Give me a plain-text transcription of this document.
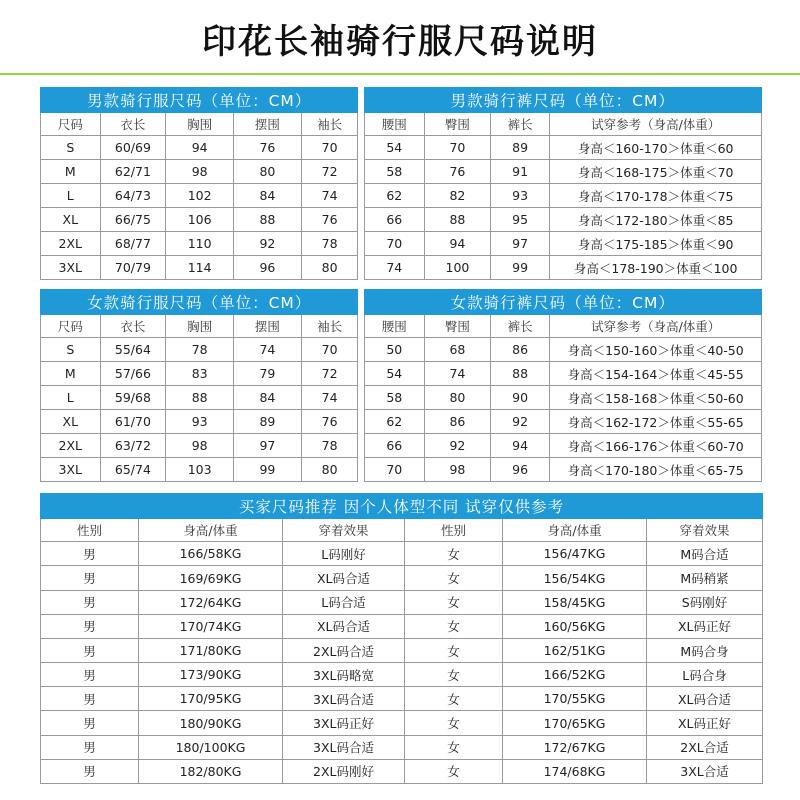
印花长袖骑行服尺码说明
男款骑行服尺码（单位：CM）						男款骑行裤尺码（单位：CM）			
尺码	衣长	胸围	摆围	袖长		腰围	臀围	裤长	试穿参考（身高/体重）
S	60/69	94	76	70		54	70	89	身高＜160-170＞体重＜60
M	62/71	98	80	72		58	76	91	身高＜168-175＞体重＜70
L	64/73	102	84	74		62	82	93	身高＜170-178＞体重＜75
XL	66/75	106	88	76		66	88	95	身高＜172-180＞体重＜85
2XL	68/77	110	92	78		70	94	97	身高＜175-185＞体重＜90
3XL	70/79	114	96	80		74	100	99	身高＜178-190＞体重＜100
女款骑行服尺码（单位：CM）						女款骑行裤尺码（单位：CM）			
尺码	衣长	胸围	摆围	袖长		腰围	臀围	裤长	试穿参考（身高/体重）
S	55/64	78	74	70		50	68	86	身高＜150-160＞体重＜40-50
M	57/66	83	79	72		54	74	88	身高＜154-164＞体重＜45-55
L	59/68	88	84	74		58	80	90	身高＜158-168＞体重＜50-60
XL	61/70	93	89	76		62	86	92	身高＜162-172＞体重＜55-65
2XL	63/72	98	97	78		66	92	94	身高＜166-176＞体重＜60-70
3XL	65/74	103	99	80		70	98	96	身高＜170-180＞体重＜65-75
买家尺码推荐 因个人体型不同 试穿仅供参考					
性别	身高/体重	穿着效果	性别	身高/体重	穿着效果
男	166/58KG	L码刚好	女	156/47KG	M码合适
男	169/69KG	XL码合适	女	156/54KG	M码稍紧
男	172/64KG	L码合适	女	158/45KG	S码刚好
男	170/74KG	XL码合适	女	160/56KG	XL码正好
男	171/80KG	2XL码合适	女	162/51KG	M码合身
男	173/90KG	3XL码略宽	女	166/52KG	L码合身
男	170/95KG	3XL码合适	女	170/55KG	XL码合适
男	180/90KG	3XL码正好	女	170/65KG	XL码正好
男	180/100KG	3XL码合适	女	172/67KG	2XL合适
男	182/80KG	2XL码刚好	女	174/68KG	3XL合适
